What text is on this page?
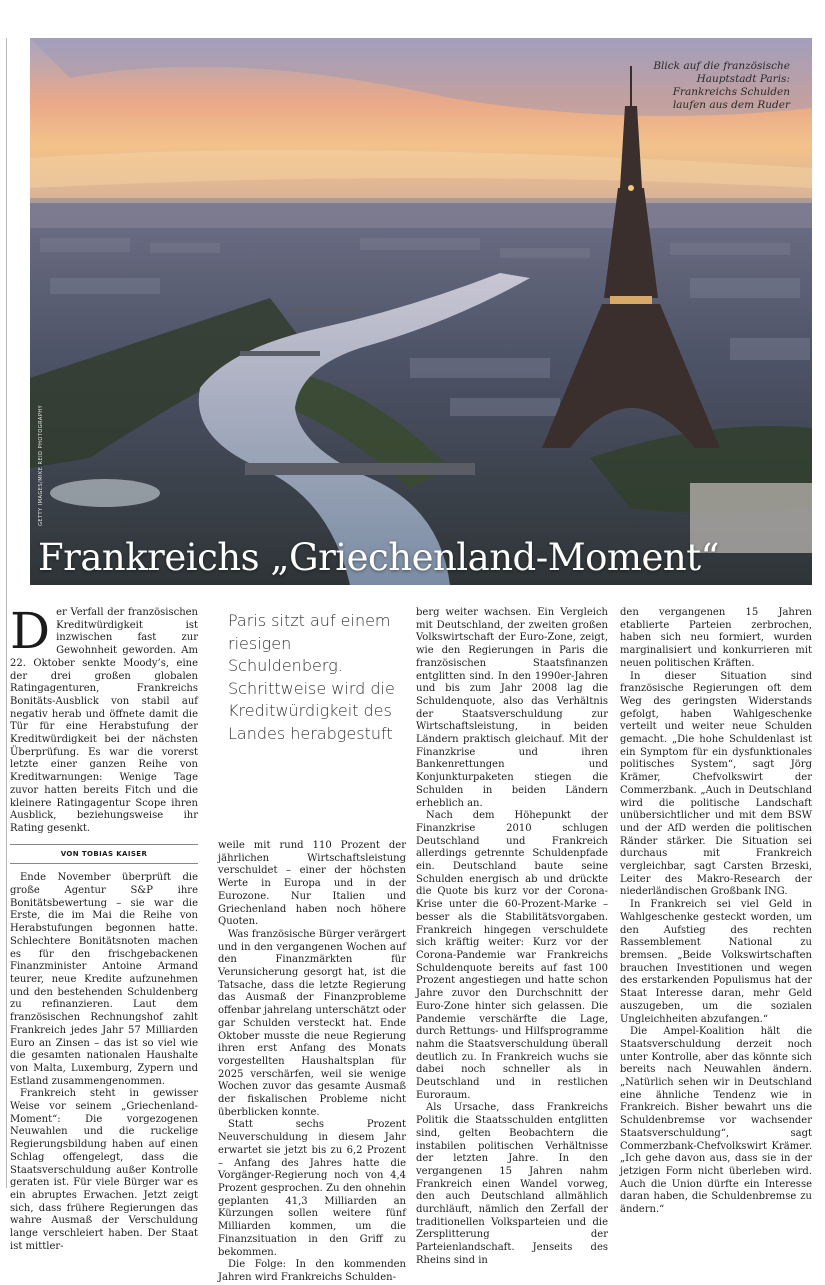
Blick auf die französische Hauptstadt Paris: Frankreichs Schulden laufen aus dem Ruder
GETTY IMAGES/MIKE REID PHOTOGRAPHY
Frankreichs „Griechenland-Moment“

Der Verfall der französischen Kreditwürdigkeit ist inzwischen fast zur Gewohnheit geworden. Am 22. Oktober senkte Moody’s, eine der drei großen globalen Ratingagenturen, Frankreichs Bonitäts-Ausblick von stabil auf negativ herab und öffnete damit die Tür für eine Herabstufung der Kreditwürdigkeit bei der nächsten Überprüfung. Es war die vorerst letzte einer ganzen Reihe von Kreditwarnungen: Wenige Tage zuvor hatten bereits Fitch und die kleinere Ratingagentur Scope ihren Ausblick, beziehungsweise ihr Rating gesenkt.

VON TOBIAS KAISER

Ende November überprüft die große Agentur S&P ihre Bonitätsbewertung – sie war die Erste, die im Mai die Reihe von Herabstufungen begonnen hatte. Schlechtere Bonitätsnoten machen es für den frischgebackenen Finanzminister Antoine Armand teurer, neue Kredite aufzunehmen und den bestehenden Schuldenberg zu refinanzieren. Laut dem französischen Rechnungshof zahlt Frankreich jedes Jahr 57 Milliarden Euro an Zinsen – das ist so viel wie die gesamten nationalen Haushalte von Malta, Luxemburg, Zypern und Estland zusammengenommen.

Frankreich steht in gewisser Weise vor seinem „Griechenland-Moment“: Die vorgezogenen Neuwahlen und die ruckelige Regierungsbildung haben auf einen Schlag offengelegt, dass die Staatsverschuldung außer Kontrolle geraten ist. Für viele Bürger war es ein abruptes Erwachen. Jetzt zeigt sich, dass frühere Regierungen das wahre Ausmaß der Verschuldung lange verschleiert haben. Der Staat ist mittler-

Paris sitzt auf einem riesigen Schuldenberg. Schrittweise wird die Kreditwürdigkeit des Landes herabgestuft

weile mit rund 110 Prozent der jährlichen Wirtschaftsleistung verschuldet – einer der höchsten Werte in Europa und in der Eurozone. Nur Italien und Griechenland haben noch höhere Quoten.

Was französische Bürger verärgert und in den vergangenen Wochen auf den Finanzmärkten für Verunsicherung gesorgt hat, ist die Tatsache, dass die letzte Regierung das Ausmaß der Finanzprobleme offenbar jahrelang unterschätzt oder gar Schulden versteckt hat. Ende Oktober musste die neue Regierung ihren erst Anfang des Monats vorgestellten Haushaltsplan für 2025 verschärfen, weil sie wenige Wochen zuvor das gesamte Ausmaß der fiskalischen Probleme nicht überblicken konnte.

Statt sechs Prozent Neuverschuldung in diesem Jahr erwartet sie jetzt bis zu 6,2 Prozent – Anfang des Jahres hatte die Vorgänger-Regierung noch von 4,4 Prozent gesprochen. Zu den ohnehin geplanten 41,3 Milliarden an Kürzungen sollen weitere fünf Milliarden kommen, um die Finanzsituation in den Griff zu bekommen.

Die Folge: In den kommenden Jahren wird Frankreichs Schulden-

berg weiter wachsen. Ein Vergleich mit Deutschland, der zweiten großen Volkswirtschaft der Euro-Zone, zeigt, wie den Regierungen in Paris die französischen Staatsfinanzen entglitten sind. In den 1990er-Jahren und bis zum Jahr 2008 lag die Schuldenquote, also das Verhältnis der Staatsverschuldung zur Wirtschaftsleistung, in beiden Ländern praktisch gleichauf. Mit der Finanzkrise und ihren Bankenrettungen und Konjunkturpaketen stiegen die Schulden in beiden Ländern erheblich an.

Nach dem Höhepunkt der Finanzkrise 2010 schlugen Deutschland und Frankreich allerdings getrennte Schuldenpfade ein. Deutschland baute seine Schulden energisch ab und drückte die Quote bis kurz vor der Corona-Krise unter die 60-Prozent-Marke – besser als die Stabilitätsvorgaben. Frankreich hingegen verschuldete sich kräftig weiter: Kurz vor der Corona-Pandemie war Frankreichs Schuldenquote bereits auf fast 100 Prozent angestiegen und hatte schon Jahre zuvor den Durchschnitt der Euro-Zone hinter sich gelassen. Die Pandemie verschärfte die Lage, durch Rettungs- und Hilfsprogramme nahm die Staatsverschuldung überall deutlich zu. In Frankreich wuchs sie dabei noch schneller als in Deutschland und in restlichen Euroraum.

Als Ursache, dass Frankreichs Politik die Staatsschulden entglitten sind, gelten Beobachtern die instabilen politischen Verhältnisse der letzten Jahre. In den vergangenen 15 Jahren nahm Frankreich einen Wandel vorweg, den auch Deutschland allmählich durchläuft, nämlich den Zerfall der traditionellen Volksparteien und die Zersplitterung der Parteienlandschaft. Jenseits des Rheins sind in

den vergangenen 15 Jahren etablierte Parteien zerbrochen, haben sich neu formiert, wurden marginalisiert und konkurrieren mit neuen politischen Kräften.

In dieser Situation sind französische Regierungen oft dem Weg des geringsten Widerstands gefolgt, haben Wahlgeschenke verteilt und weiter neue Schulden gemacht. „Die hohe Schuldenlast ist ein Symptom für ein dysfunktionales politisches System“, sagt Jörg Krämer, Chefvolkswirt der Commerzbank. „Auch in Deutschland wird die politische Landschaft unübersichtlicher und mit dem BSW und der AfD werden die politischen Ränder stärker. Die Situation sei durchaus mit Frankreich vergleichbar, sagt Carsten Brzeski, Leiter des Makro-Research der niederländischen Großbank ING.

In Frankreich sei viel Geld in Wahlgeschenke gesteckt worden, um den Aufstieg des rechten Rassemblement National zu bremsen. „Beide Volkswirtschaften brauchen Investitionen und wegen des erstarkenden Populismus hat der Staat Interesse daran, mehr Geld auszugeben, um die sozialen Ungleichheiten abzufangen.“

Die Ampel-Koalition hält die Staatsverschuldung derzeit noch unter Kontrolle, aber das könnte sich bereits nach Neuwahlen ändern. „Natürlich sehen wir in Deutschland eine ähnliche Tendenz wie in Frankreich. Bisher bewahrt uns die Schuldenbremse vor wachsender Staatsverschuldung“, sagt Commerzbank-Chefvolkswirt Krämer. „Ich gehe davon aus, dass sie in der jetzigen Form nicht überleben wird. Auch die Union dürfte ein Interesse daran haben, die Schuldenbremse zu ändern.“
